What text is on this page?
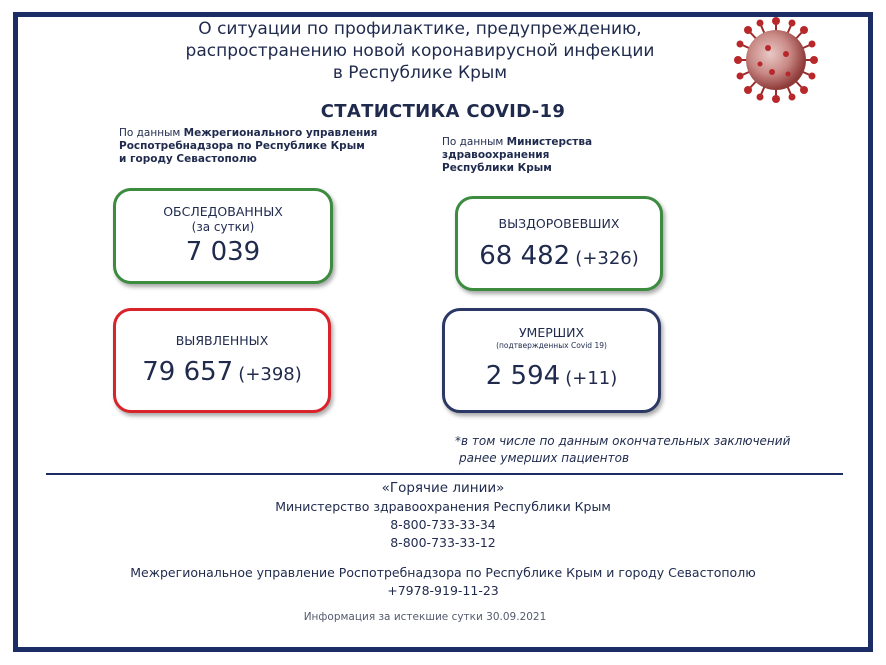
О ситуации по профилактике, предупреждению,
распространению новой коронавирусной инфекции
в Республике Крым
СТАТИСТИКА COVID-19
По данным Межрегионального управления
Роспотребнадзора по Республике Крым
и городу Севастополю
По данным Министерства здравоохранения
Республики Крым
ОБСЛЕДОВАННЫХ
(за сутки)
7 039
ВЫЗДОРОВЕВШИХ
68 482 (+326)
ВЫЯВЛЕННЫХ
79 657 (+398)
УМЕРШИХ
(подтвержденных Covid 19)
2 594 (+11)
*в том числе по данным окончательных заключений
ранее умерших пациентов
«Горячие линии»
Министерство здравоохранения Республики Крым
8-800-733-33-34
8-800-733-33-12
Межрегиональное управление Роспотребнадзора по Республике Крым и городу Севастополю
+7978-919-11-23
Информация за истекшие сутки 30.09.2021
